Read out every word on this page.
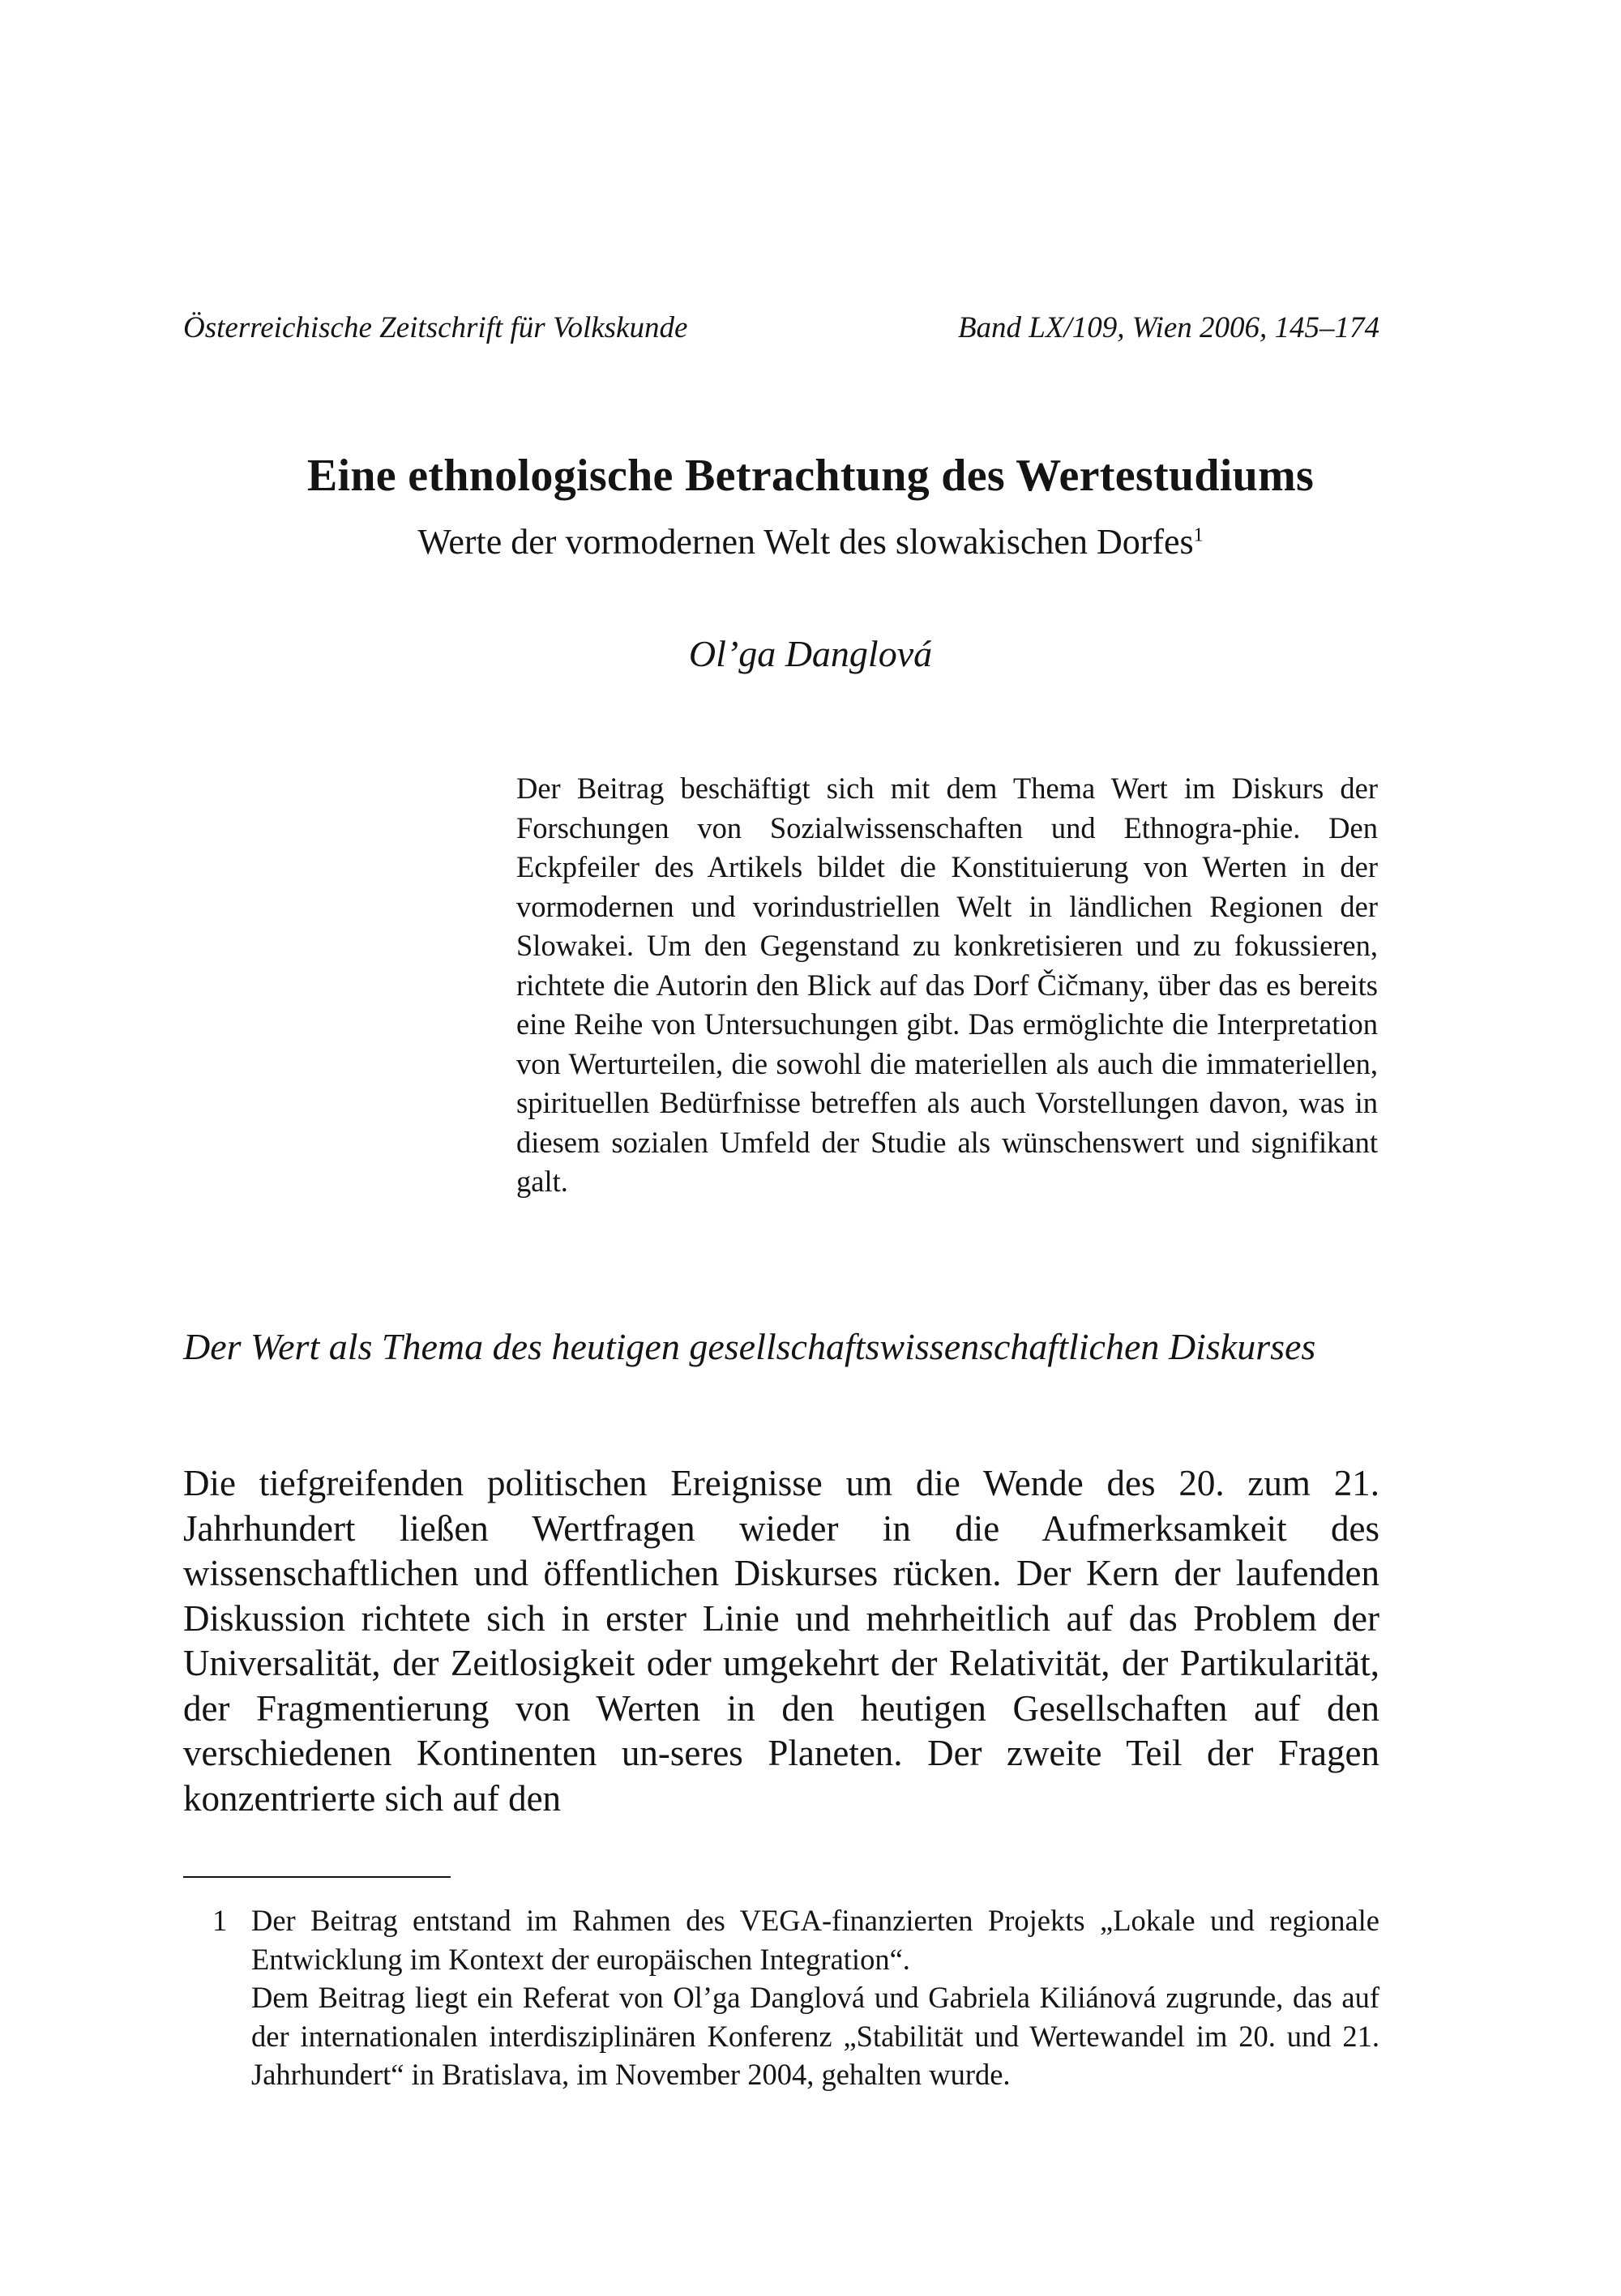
Österreichische Zeitschrift für Volkskunde	Band LX/109, Wien 2006, 145–174
Eine ethnologische Betrachtung des Wertestudiums
Werte der vormodernen Welt des slowakischen Dorfes$^1$
Ol’ga Danglová
Der Beitrag beschäftigt sich mit dem Thema Wert im Diskurs der Forschungen von Sozialwissenschaften und Ethnogra-phie. Den Eckpfeiler des Artikels bildet die Konstituierung von Werten in der vormodernen und vorindustriellen Welt in ländlichen Regionen der Slowakei. Um den Gegenstand zu konkretisieren und zu fokussieren, richtete die Autorin den Blick auf das Dorf Čičmany, über das es bereits eine Reihe von Untersuchungen gibt. Das ermöglichte die Interpretation von Werturteilen, die sowohl die materiellen als auch die immateriellen, spirituellen Bedürfnisse betreffen als auch Vorstellungen davon, was in diesem sozialen Umfeld der Studie als wünschenswert und signifikant galt.
Der Wert als Thema des heutigen gesellschaftswissenschaftlichen Diskurses
Die tiefgreifenden politischen Ereignisse um die Wende des 20. zum 21. Jahrhundert ließen Wertfragen wieder in die Aufmerksamkeit des wissenschaftlichen und öffentlichen Diskurses rücken. Der Kern der laufenden Diskussion richtete sich in erster Linie und mehrheitlich auf das Problem der Universalität, der Zeitlosigkeit oder umgekehrt der Relativität, der Partikularität, der Fragmentierung von Werten in den heutigen Gesellschaften auf den verschiedenen Kontinenten un-seres Planeten. Der zweite Teil der Fragen konzentrierte sich auf den
1 Der Beitrag entstand im Rahmen des VEGA-finanzierten Projekts „Lokale und regionale Entwicklung im Kontext der europäischen Integration“.
Dem Beitrag liegt ein Referat von Ol’ga Danglová und Gabriela Kiliánová zugrunde, das auf der internationalen interdisziplinären Konferenz „Stabilität und Wertewandel im 20. und 21. Jahrhundert“ in Bratislava, im November 2004, gehalten wurde.
